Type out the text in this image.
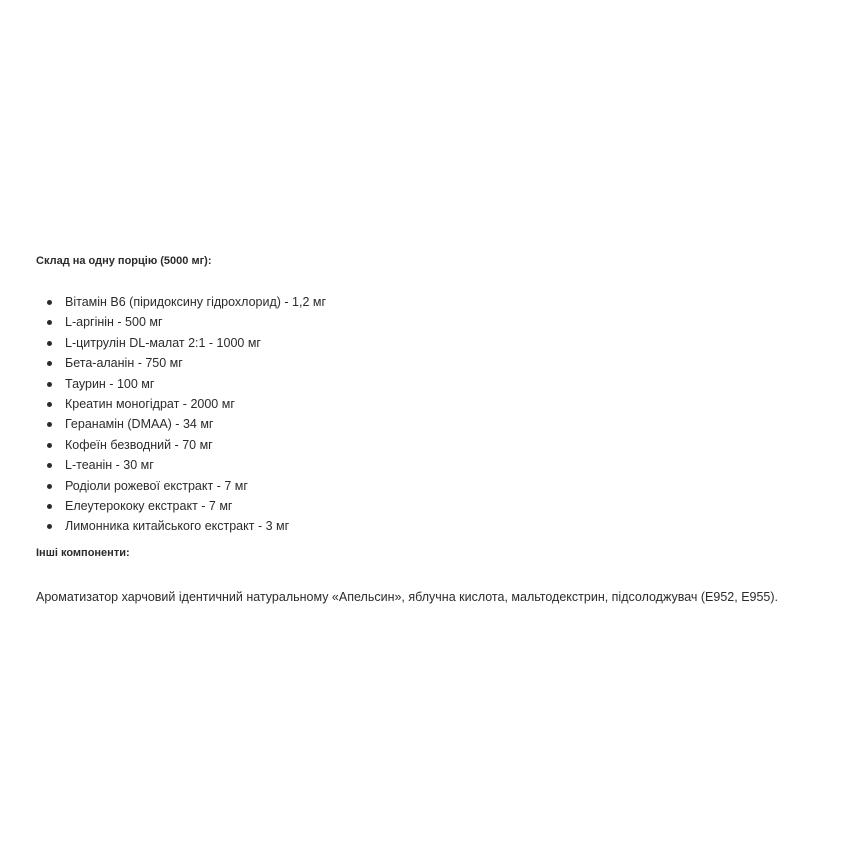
Склад на одну порцію (5000 мг):

Вітамін В6 (піридоксину гідрохлорид) - 1,2 мг
L-аргінін - 500 мг
L-цитрулін DL-малат 2:1 - 1000 мг
Бета-аланін - 750 мг
Таурин - 100 мг
Креатин моногідрат - 2000 мг
Геранамін (DMAA) - 34 мг
Кофеїн безводний - 70 мг
L-теанін - 30 мг
Родіоли рожевої екстракт - 7 мг
Елеутерококу екстракт - 7 мг
Лимонника китайського екстракт - 3 мг

Інші компоненти:

Ароматизатор харчовий ідентичний натуральному «Апельсин», яблучна кислота, мальтодекстрин, підсолоджувач (E952, E955).
